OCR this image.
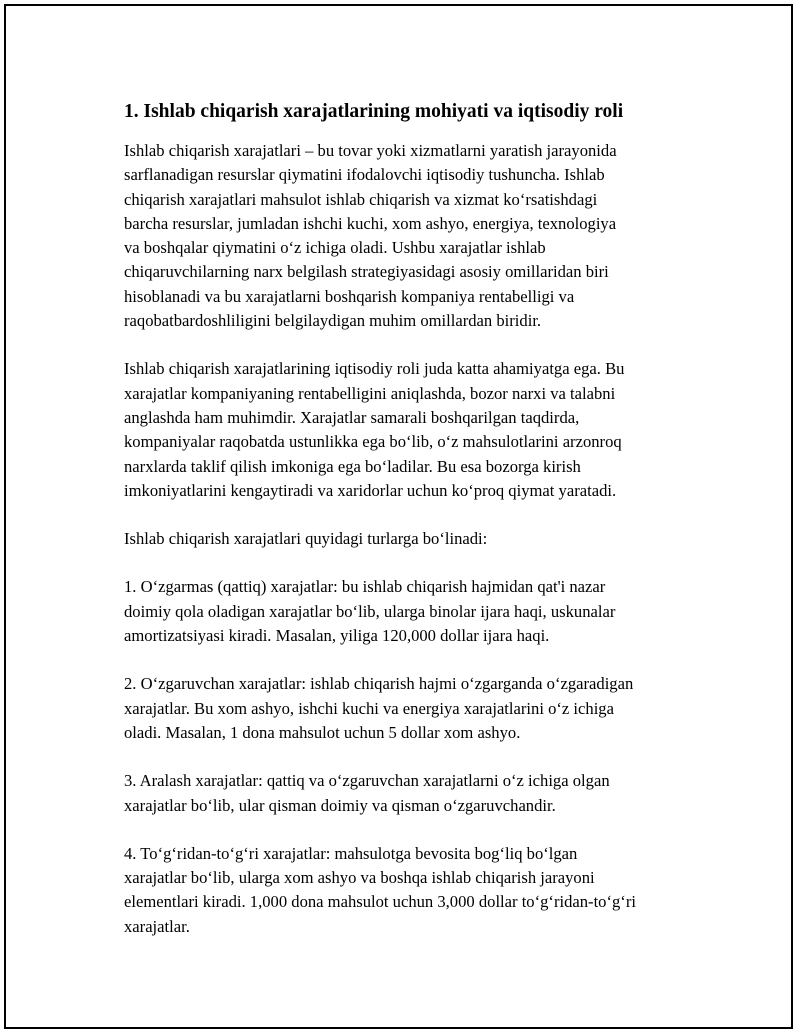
1. Ishlab chiqarish xarajatlarining mohiyati va iqtisodiy roli

Ishlab chiqarish xarajatlari – bu tovar yoki xizmatlarni yaratish jarayonida
sarflanadigan resurslar qiymatini ifodalovchi iqtisodiy tushuncha. Ishlab
chiqarish xarajatlari mahsulot ishlab chiqarish va xizmat koʻrsatishdagi
barcha resurslar, jumladan ishchi kuchi, xom ashyo, energiya, texnologiya
va boshqalar qiymatini oʻz ichiga oladi. Ushbu xarajatlar ishlab
chiqaruvchilarning narx belgilash strategiyasidagi asosiy omillaridan biri
hisoblanadi va bu xarajatlarni boshqarish kompaniya rentabelligi va
raqobatbardoshliligini belgilaydigan muhim omillardan biridir.

Ishlab chiqarish xarajatlarining iqtisodiy roli juda katta ahamiyatga ega. Bu
xarajatlar kompaniyaning rentabelligini aniqlashda, bozor narxi va talabni
anglashda ham muhimdir. Xarajatlar samarali boshqarilgan taqdirda,
kompaniyalar raqobatda ustunlikka ega boʻlib, oʻz mahsulotlarini arzonroq
narxlarda taklif qilish imkoniga ega boʻladilar. Bu esa bozorga kirish
imkoniyatlarini kengaytiradi va xaridorlar uchun koʻproq qiymat yaratadi.

Ishlab chiqarish xarajatlari quyidagi turlarga boʻlinadi:

1. Oʻzgarmas (qattiq) xarajatlar: bu ishlab chiqarish hajmidan qat'i nazar
doimiy qola oladigan xarajatlar boʻlib, ularga binolar ijara haqi, uskunalar
amortizatsiyasi kiradi. Masalan, yiliga 120,000 dollar ijara haqi.

2. Oʻzgaruvchan xarajatlar: ishlab chiqarish hajmi oʻzgarganda oʻzgaradigan
xarajatlar. Bu xom ashyo, ishchi kuchi va energiya xarajatlarini oʻz ichiga
oladi. Masalan, 1 dona mahsulot uchun 5 dollar xom ashyo.

3. Aralash xarajatlar: qattiq va oʻzgaruvchan xarajatlarni oʻz ichiga olgan
xarajatlar boʻlib, ular qisman doimiy va qisman oʻzgaruvchandir.

4. Toʻgʻridan-toʻgʻri xarajatlar: mahsulotga bevosita bogʻliq boʻlgan
xarajatlar boʻlib, ularga xom ashyo va boshqa ishlab chiqarish jarayoni
elementlari kiradi. 1,000 dona mahsulot uchun 3,000 dollar toʻgʻridan-toʻgʻri
xarajatlar.
